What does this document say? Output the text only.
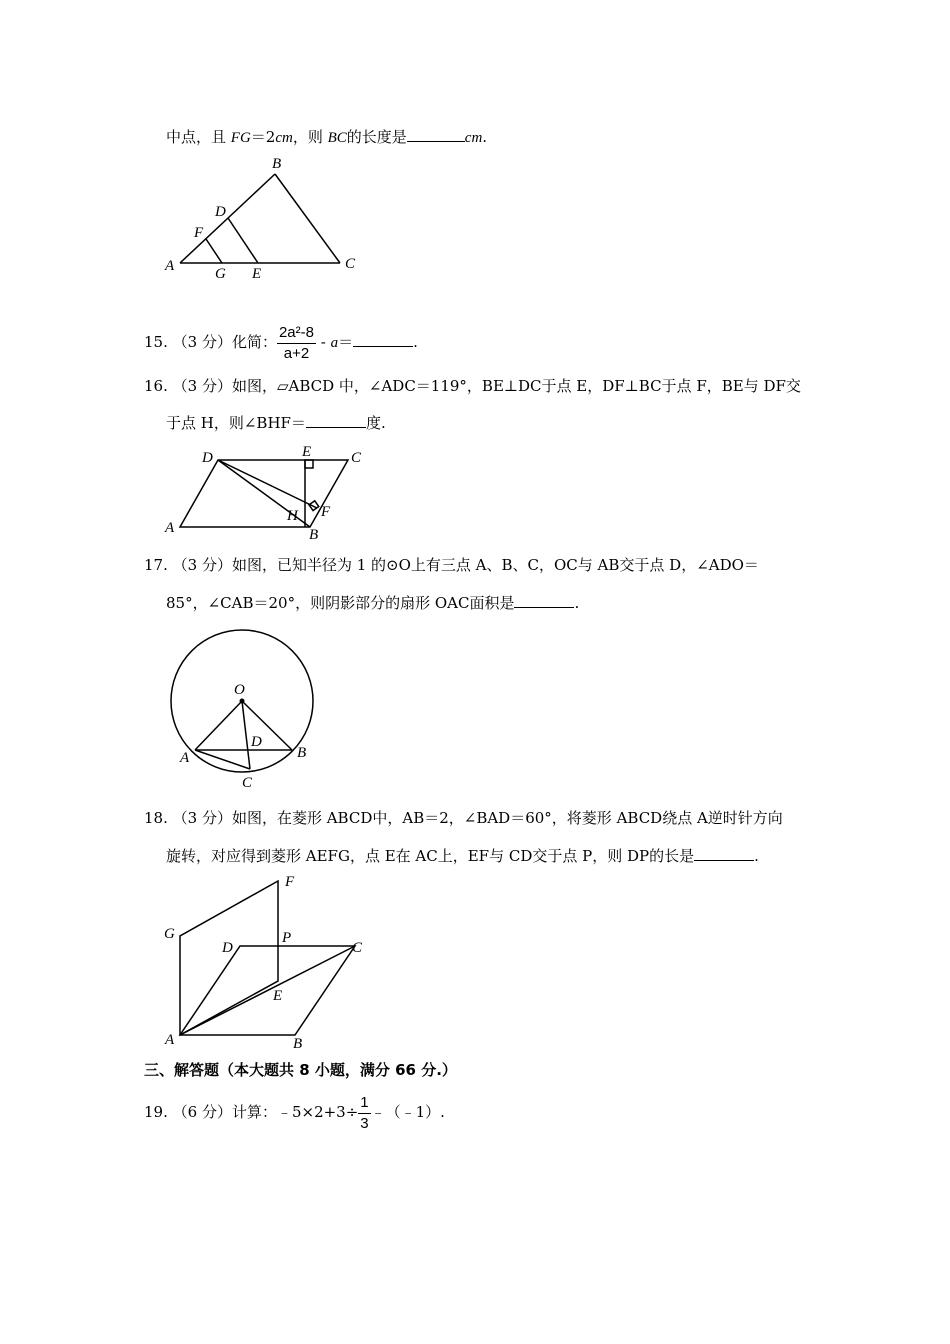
中点，且 FG＝2cm，则 BC的长度是	cm.
B
D
F
A	G E
C
15. （3 分）化简： $\frac{\text{2a²-8}}{a+2} - a=$	.
16. （3 分）如图，▱ABCD 中，∠ADC＝119°，BE⊥DC于点 E，DF⊥BC于点 F，BE与 DF交
于点 H，则∠BHF＝	度.
D	E	C
H F
A	B
17. （3 分）如图，已知半径为 1 的⊙O上有三点 A、B、C，OC与 AB交于点 D，∠ADO＝
85°，∠CAB＝20°，则阴影部分的扇形 OAC面积是	.
O
D
A	B
C
18. （3 分）如图，在菱形 ABCD中，AB＝2，∠BAD＝60°，将菱形 ABCD绕点 A逆时针方向
旋转，对应得到菱形 AEFG，点 E在 AC上，EF与 CD交于点 P，则 DP的长是	.
F
G
D
P
C
E
A	B
三、解答题（本大题共 8 小题，满分 66 分.）
19. （6 分）计算：﹣5×2+3÷ $\frac{1}{3}$ ﹣（﹣1）.
